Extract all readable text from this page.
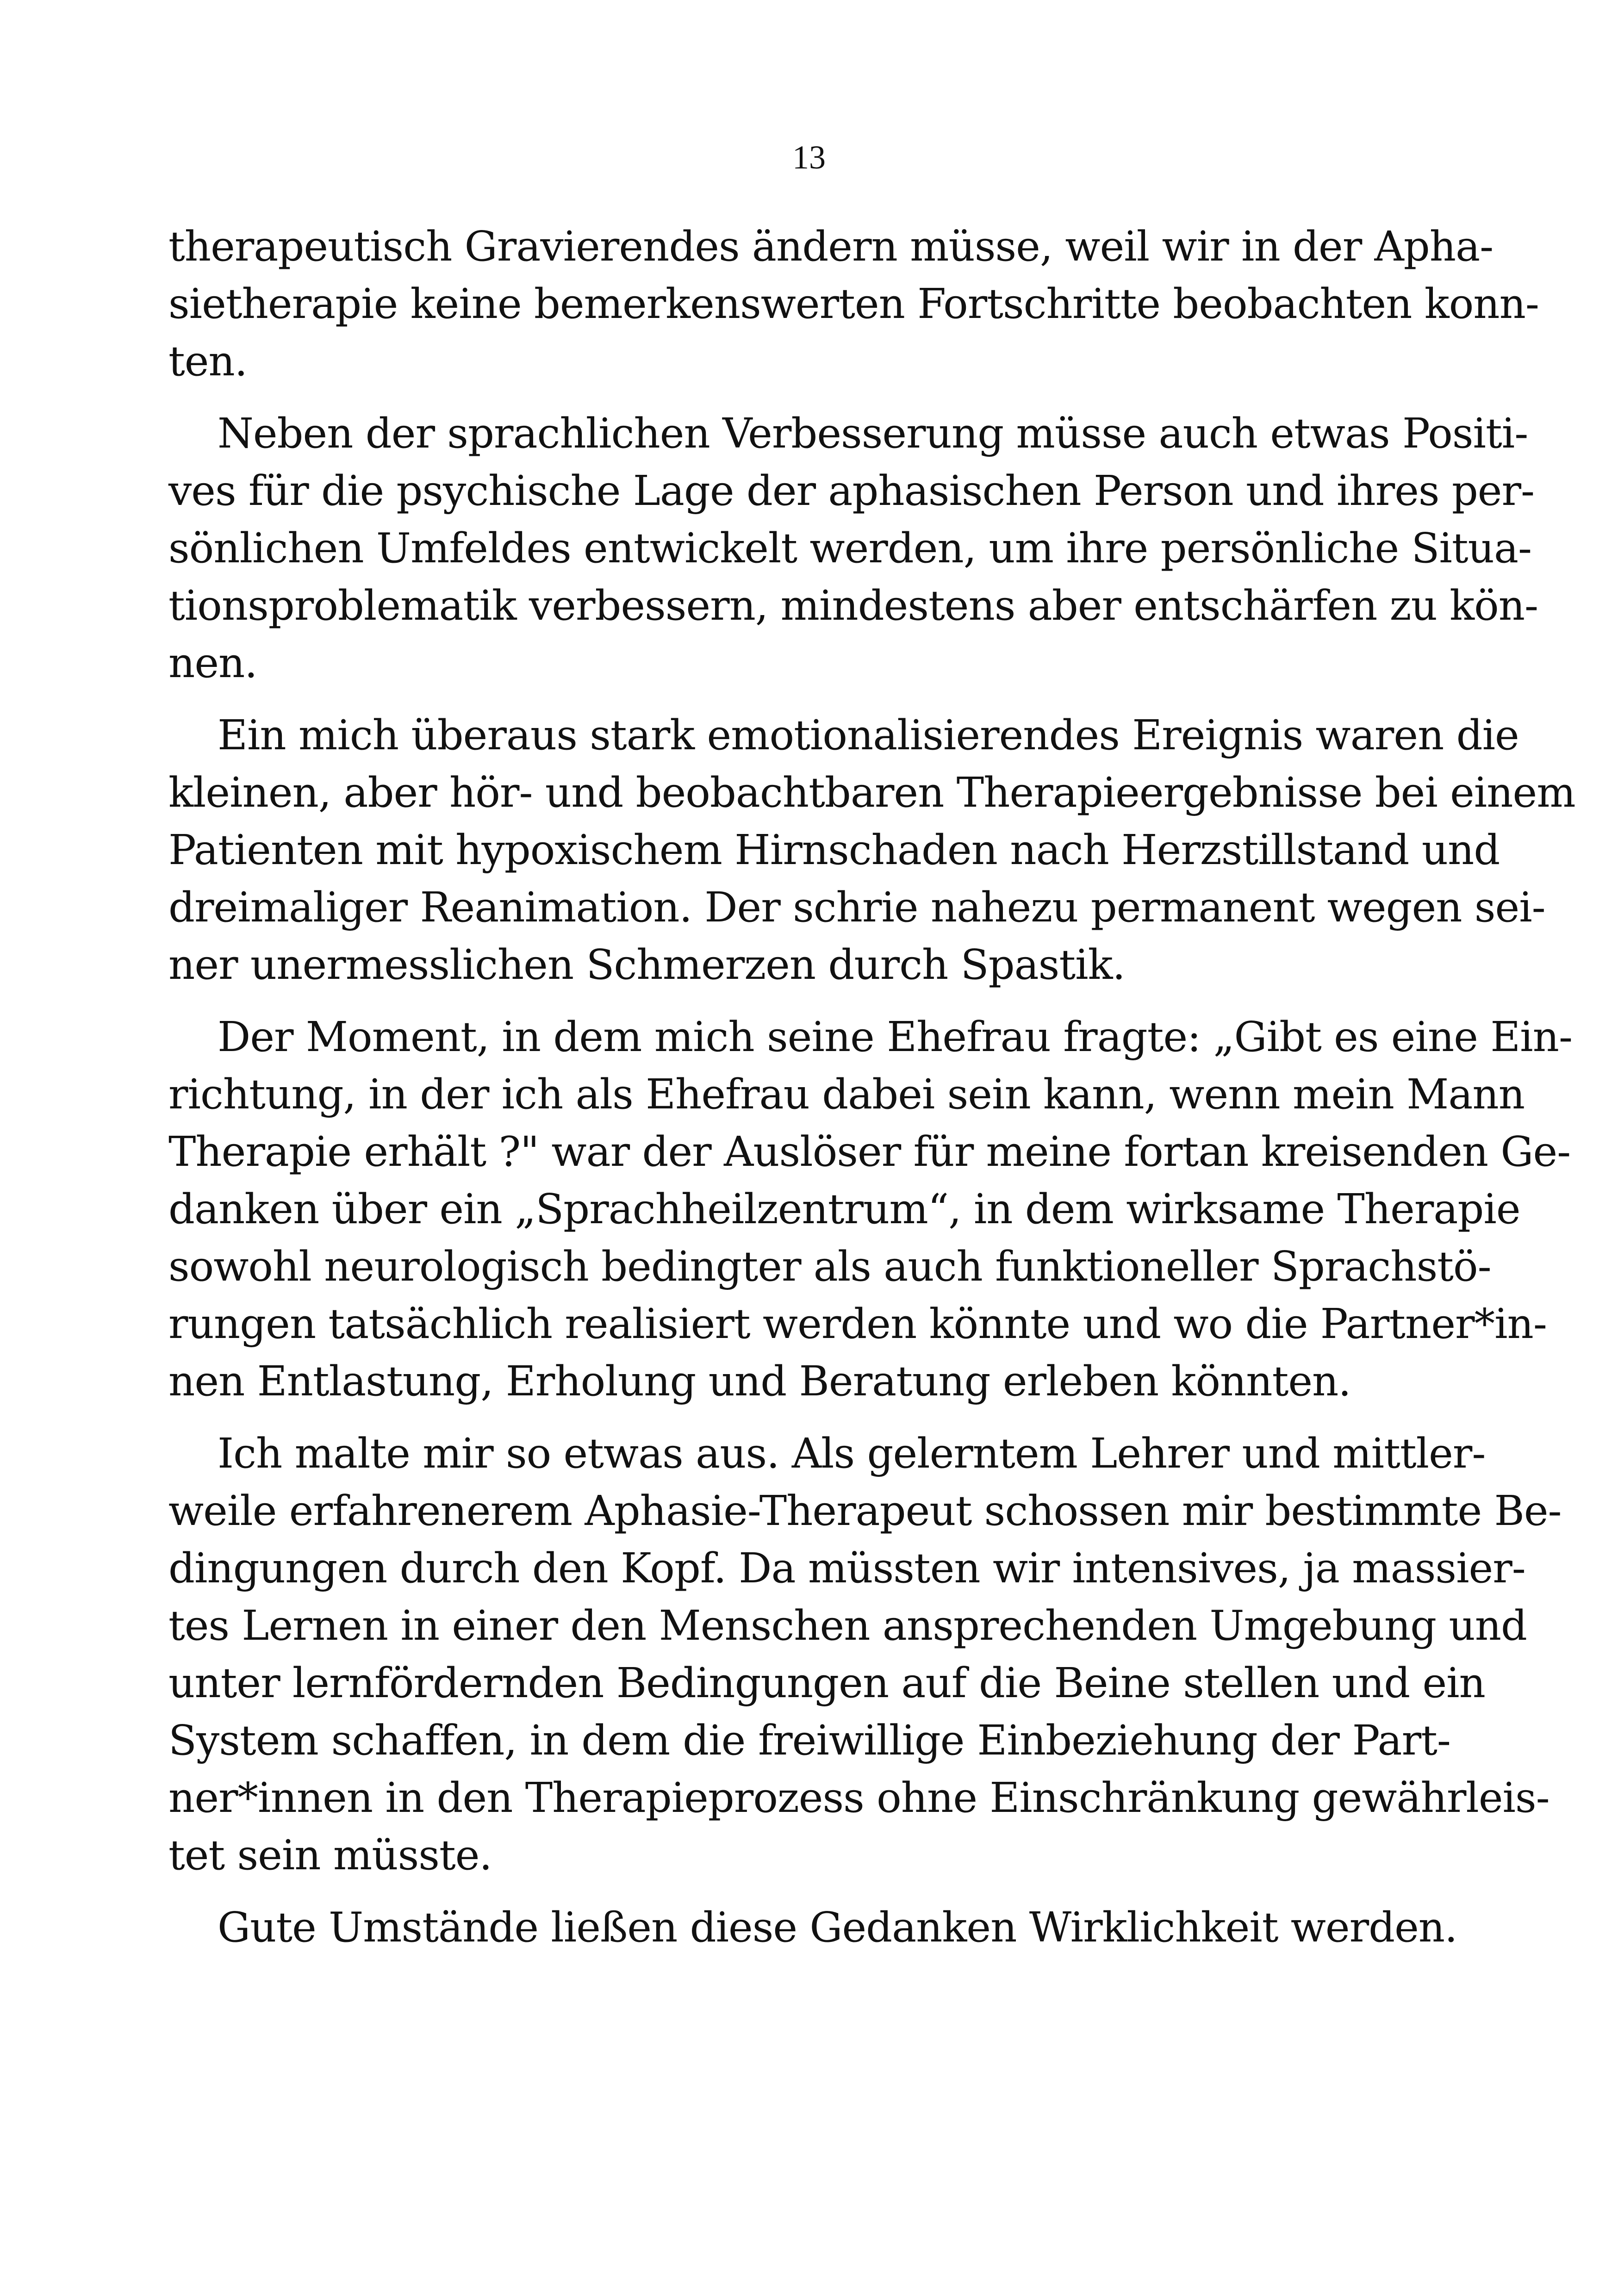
13
therapeutisch Gravierendes ändern müsse, weil wir in der Apha-
sietherapie keine bemerkenswerten Fortschritte beobachten konn-
ten.
Neben der sprachlichen Verbesserung müsse auch etwas Positi-
ves für die psychische Lage der aphasischen Person und ihres per-
sönlichen Umfeldes entwickelt werden, um ihre persönliche Situa-
tionsproblematik verbessern, mindestens aber entschärfen zu kön-
nen.
Ein mich überaus stark emotionalisierendes Ereignis waren die
kleinen, aber hör- und beobachtbaren Therapieergebnisse bei einem
Patienten mit hypoxischem Hirnschaden nach Herzstillstand und
dreimaliger Reanimation. Der schrie nahezu permanent wegen sei-
ner unermesslichen Schmerzen durch Spastik.
Der Moment, in dem mich seine Ehefrau fragte: „Gibt es eine Ein-
richtung, in der ich als Ehefrau dabei sein kann, wenn mein Mann
Therapie erhält ?" war der Auslöser für meine fortan kreisenden Ge-
danken über ein „Sprachheilzentrum“, in dem wirksame Therapie
sowohl neurologisch bedingter als auch funktioneller Sprachstö-
rungen tatsächlich realisiert werden könnte und wo die Partner*in-
nen Entlastung, Erholung und Beratung erleben könnten.
Ich malte mir so etwas aus. Als gelerntem Lehrer und mittler-
weile erfahrenerem Aphasie-Therapeut schossen mir bestimmte Be-
dingungen durch den Kopf. Da müssten wir intensives, ja massier-
tes Lernen in einer den Menschen ansprechenden Umgebung und
unter lernfördernden Bedingungen auf die Beine stellen und ein
System schaffen, in dem die freiwillige Einbeziehung der Part-
ner*innen in den Therapieprozess ohne Einschränkung gewährleis-
tet sein müsste.
Gute Umstände ließen diese Gedanken Wirklichkeit werden.
